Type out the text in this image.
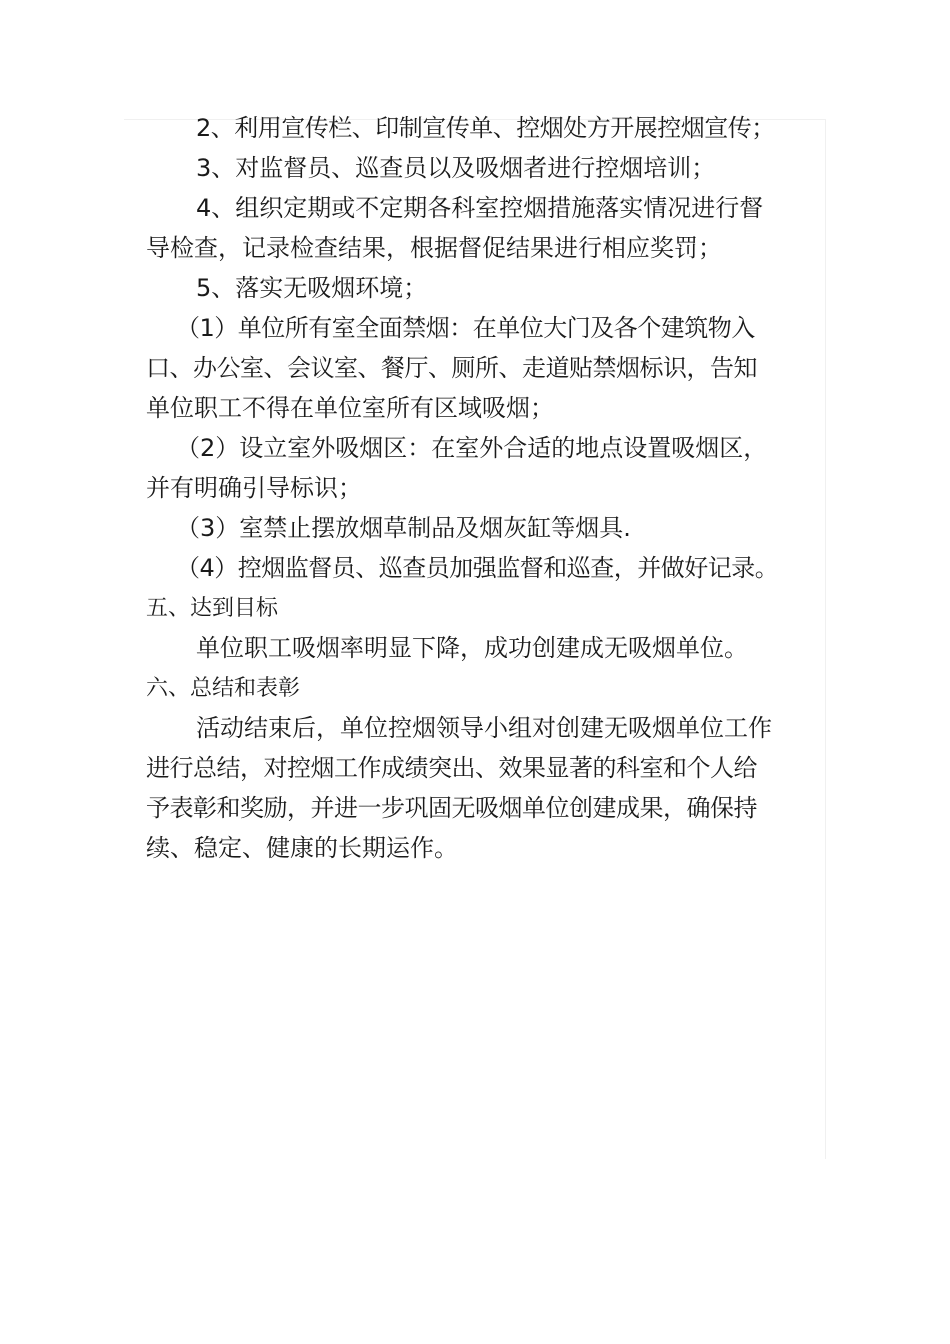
2、利用宣传栏、印制宣传单、控烟处方开展控烟宣传；
3、对监督员、巡查员以及吸烟者进行控烟培训；
4、组织定期或不定期各科室控烟措施落实情况进行督
导检查，记录检查结果，根据督促结果进行相应奖罚；
5、落实无吸烟环境；
（1）单位所有室全面禁烟：在单位大门及各个建筑物入
口、办公室、会议室、餐厅、厕所、走道贴禁烟标识，告知
单位职工不得在单位室所有区域吸烟；
（2）设立室外吸烟区：在室外合适的地点设置吸烟区，
并有明确引导标识；
（3）室禁止摆放烟草制品及烟灰缸等烟具.
（4）控烟监督员、巡查员加强监督和巡查，并做好记录。
五、达到目标
单位职工吸烟率明显下降，成功创建成无吸烟单位。
六、总结和表彰
活动结束后，单位控烟领导小组对创建无吸烟单位工作
进行总结，对控烟工作成绩突出、效果显著的科室和个人给
予表彰和奖励，并进一步巩固无吸烟单位创建成果，确保持
续、稳定、健康的长期运作。
